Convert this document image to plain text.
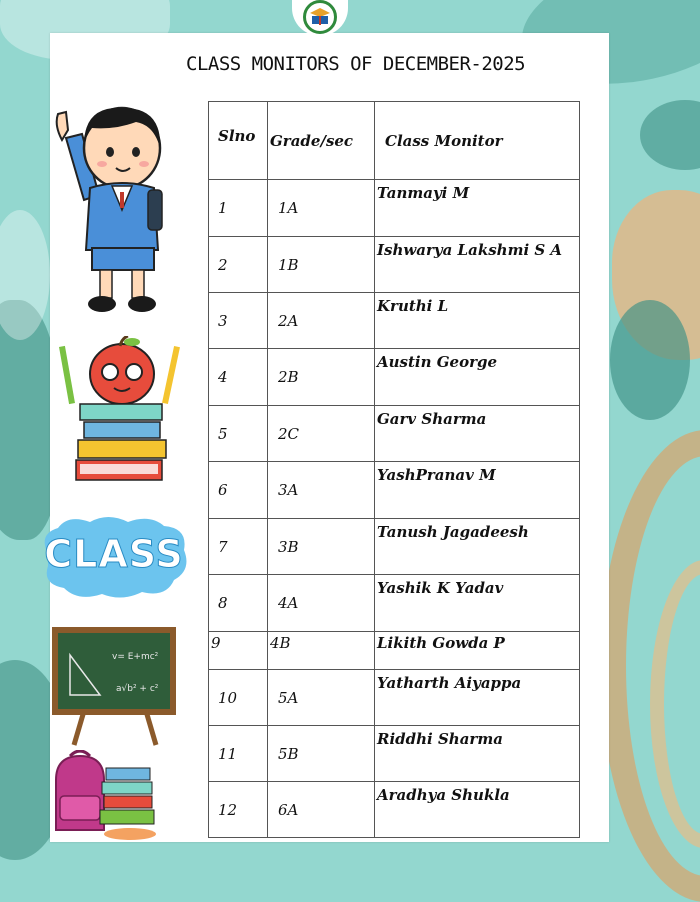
CLASS MONITORS OF DECEMBER-2025
CLASS
v= E+mc²
a√b² + c²
Slno	Grade/sec	Class Monitor
1	1A	Tanmayi M
2	1B	Ishwarya Lakshmi S A
3	2A	Kruthi L
4	2B	Austin George
5	2C	Garv Sharma
6	3A	YashPranav M
7	3B	Tanush Jagadeesh
8	4A	Yashik K Yadav
9	4B	Likith Gowda P
10	5A	Yatharth Aiyappa
11	5B	Riddhi Sharma
12	6A	Aradhya Shukla
